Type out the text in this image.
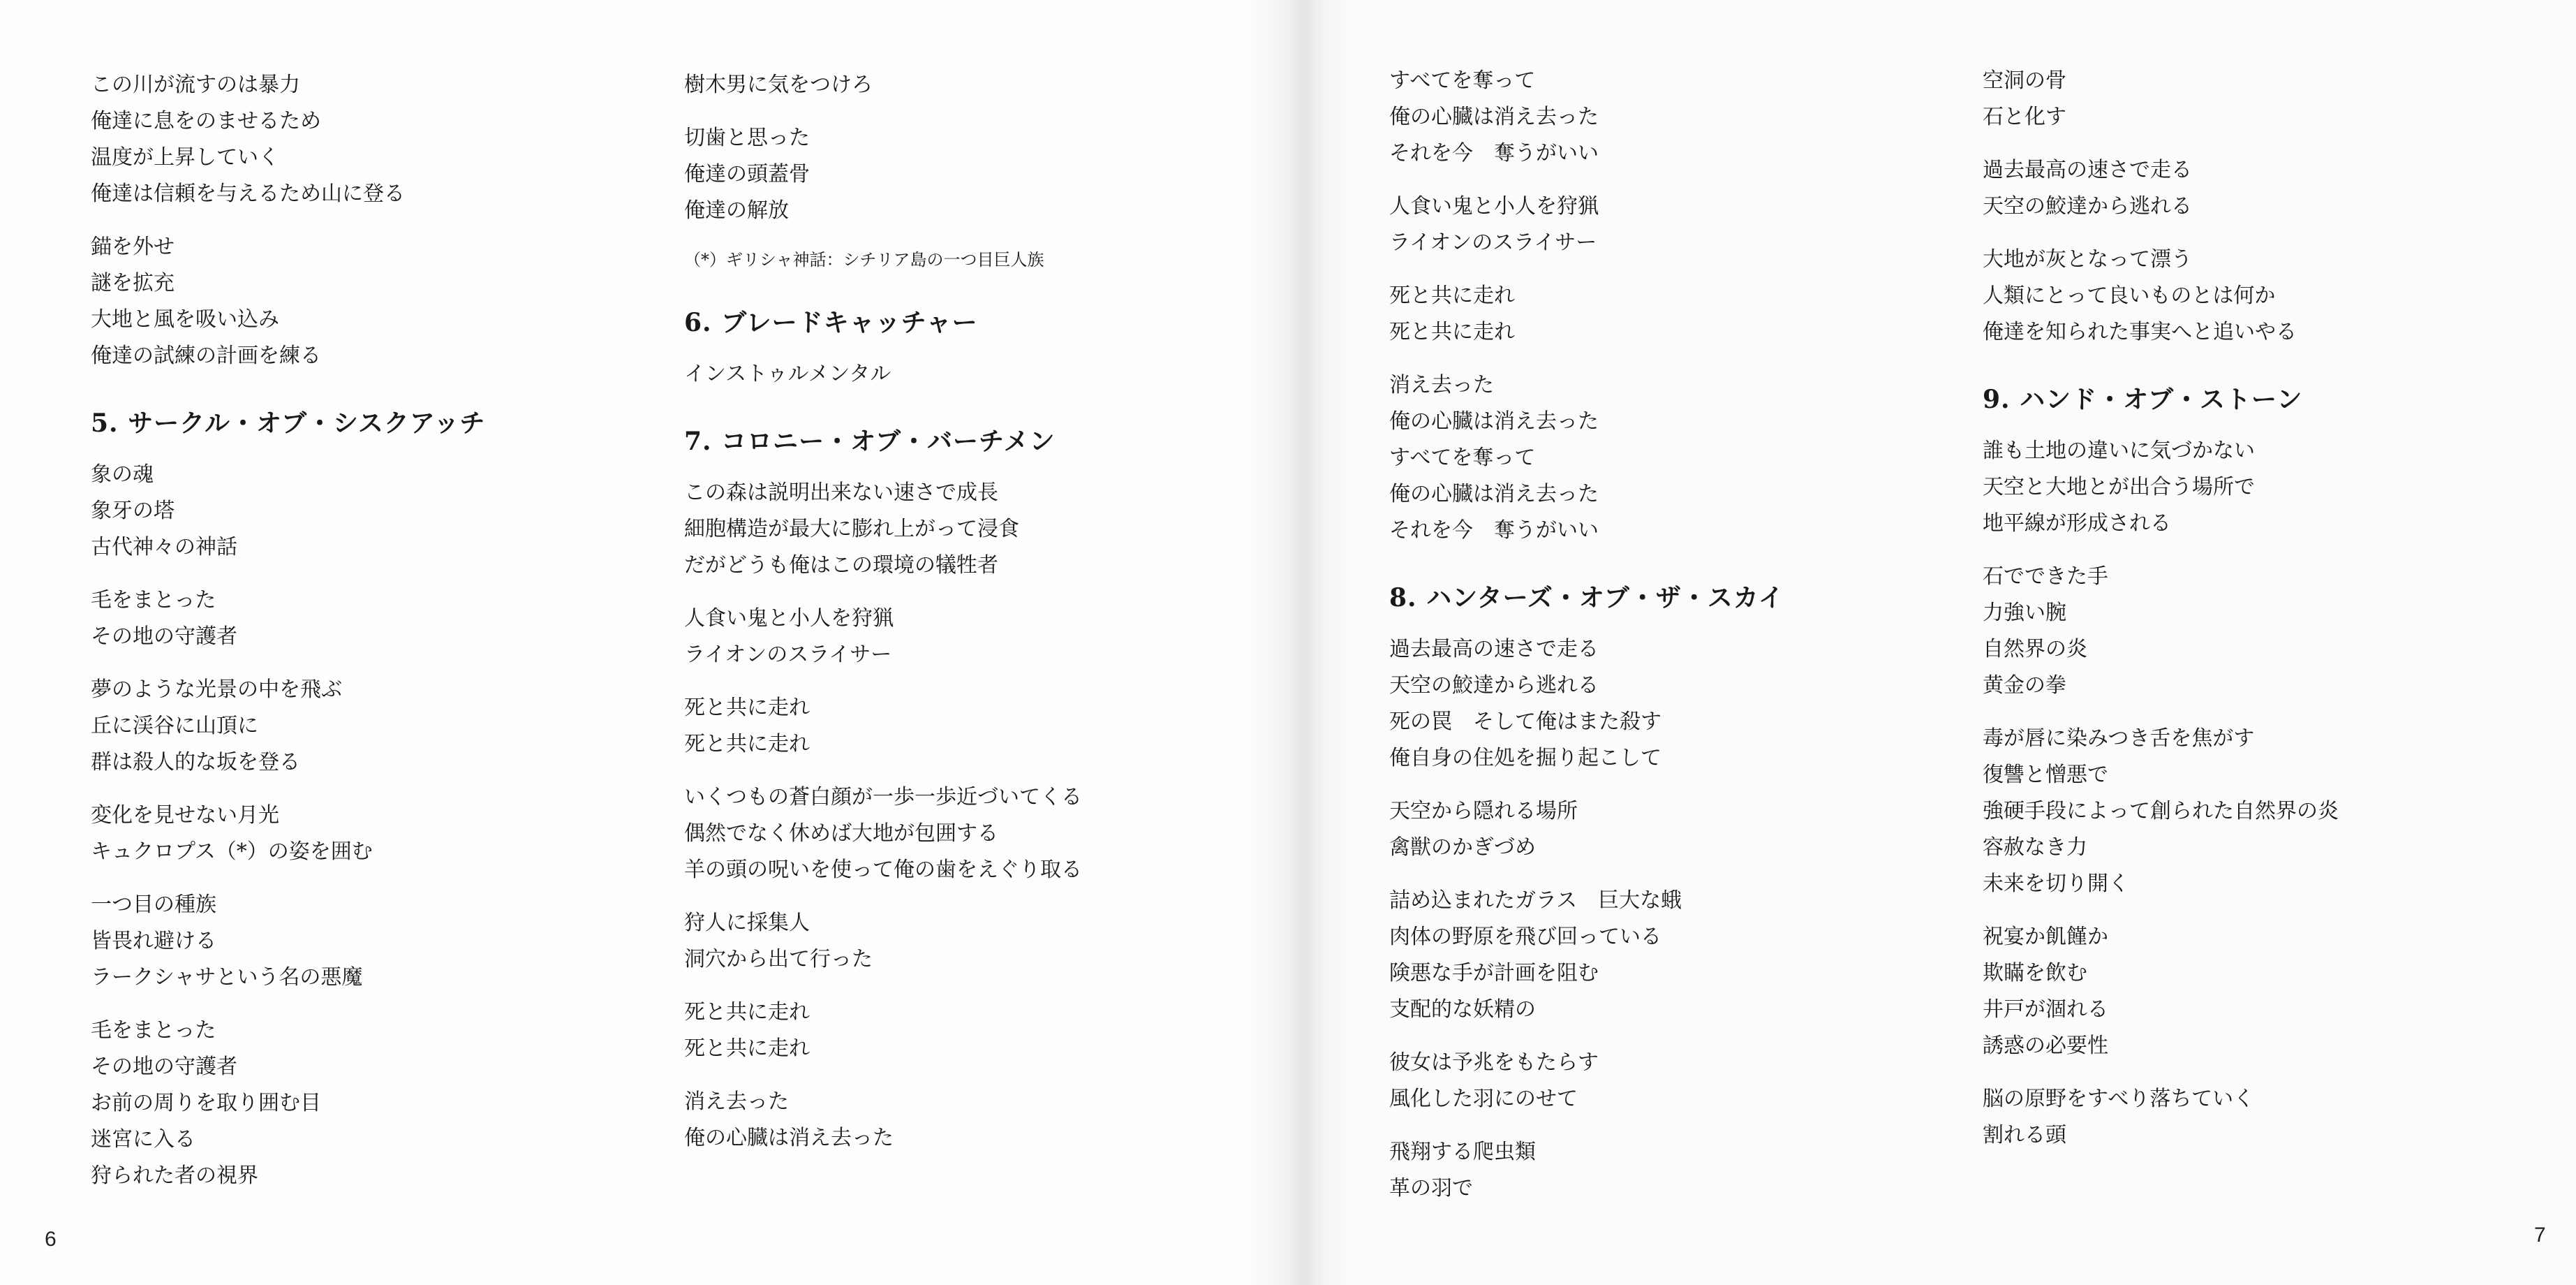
この川が流すのは暴力
俺達に息をのませるため
温度が上昇していく
俺達は信頼を与えるため山に登る
錨を外せ
謎を拡充
大地と風を吸い込み
俺達の試練の計画を練る
5. サークル・オブ・シスクアッチ
象の魂
象牙の塔
古代神々の神話
毛をまとった
その地の守護者
夢のような光景の中を飛ぶ
丘に渓谷に山頂に
群は殺人的な坂を登る
変化を見せない月光
キュクロプス（*）の姿を囲む
一つ目の種族
皆畏れ避ける
ラークシャサという名の悪魔
毛をまとった
その地の守護者
お前の周りを取り囲む目
迷宮に入る
狩られた者の視界
樹木男に気をつけろ
切歯と思った
俺達の頭蓋骨
俺達の解放
（*）ギリシャ神話：シチリア島の一つ目巨人族
6. ブレードキャッチャー
インストゥルメンタル
7. コロニー・オブ・バーチメン
この森は説明出来ない速さで成長
細胞構造が最大に膨れ上がって浸食
だがどうも俺はこの環境の犠牲者
人食い鬼と小人を狩猟
ライオンのスライサー
死と共に走れ
死と共に走れ
いくつもの蒼白顔が一歩一歩近づいてくる
偶然でなく休めば大地が包囲する
羊の頭の呪いを使って俺の歯をえぐり取る
狩人に採集人
洞穴から出て行った
死と共に走れ
死と共に走れ
消え去った
俺の心臓は消え去った
すべてを奪って
俺の心臓は消え去った
それを今　奪うがいい
人食い鬼と小人を狩猟
ライオンのスライサー
死と共に走れ
死と共に走れ
消え去った
俺の心臓は消え去った
すべてを奪って
俺の心臓は消え去った
それを今　奪うがいい
8. ハンターズ・オブ・ザ・スカイ
過去最高の速さで走る
天空の鮫達から逃れる
死の罠　そして俺はまた殺す
俺自身の住処を掘り起こして
天空から隠れる場所
禽獣のかぎづめ
詰め込まれたガラス　巨大な蛾
肉体の野原を飛び回っている
険悪な手が計画を阻む
支配的な妖精の
彼女は予兆をもたらす
風化した羽にのせて
飛翔する爬虫類
革の羽で
空洞の骨
石と化す
過去最高の速さで走る
天空の鮫達から逃れる
大地が灰となって漂う
人類にとって良いものとは何か
俺達を知られた事実へと追いやる
9. ハンド・オブ・ストーン
誰も土地の違いに気づかない
天空と大地とが出合う場所で
地平線が形成される
石でできた手
力強い腕
自然界の炎
黄金の拳
毒が唇に染みつき舌を焦がす
復讐と憎悪で
強硬手段によって創られた自然界の炎
容赦なき力
未来を切り開く
祝宴か飢饉か
欺瞞を飲む
井戸が涸れる
誘惑の必要性
脳の原野をすべり落ちていく
割れる頭
6	7
